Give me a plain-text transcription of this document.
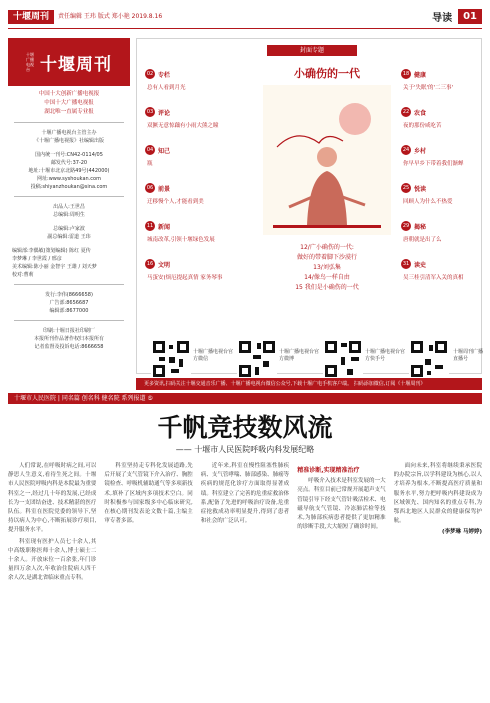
十堰周刊	责任编辑 王玮 版式 郑小艳 2019.8.16	导读	01
十堰广播电视台 十堰周刊
中国十大创新广播电视报
中国十大广播电视报
湖北唯一直属专业报
十堰广播电视台主管主办
《十堰广播电视报》社编辑出版
国内统一刊号:CN42-0114/05
邮发代号:37-20
地址:十堰市北京北路49号(442000)
网址:www.syshoukan.com
投稿:shiyanzhoukan@sina.com
出品人:王世昌
总编辑:周明生
总编辑:卢家波
副总编辑:雷道 王玮
编辑部:李偶敏(策划编辑) 陈红 夏传
李梦琳 / 李世霞 / 邢彦
美术编辑:陈小丽 金智宇 王雄 / 刘天梦
校对:曹莉
发行:李伟(8666658)
广告部:8656687
编辑部:8677000
印刷:十堰日报社印刷厂
本报所刊作品著作权归本报所有
记者监督及投诉电话:8666658
封面专题
02 专栏
总有人看到月光
03 评论
双獗无意惊藕有小雨大熊之瞳
04 知己
瓶
06 前景
迁移慢个人,才能看到美
11 新闻
城南改革,引领十堰绿色发展
16 文明
马蛋安(烦厄提起真情 家务琴事
小确伤的一代
12/广小确伤的一代:
做好的带着脚下沙漠行
13/刘弘集
14/像鸟一样自由
15 我们是小确伤的一代
18 健康
关于'失眠'的'二三事'
22 农食
夜的那份咸吃苦
24 乡村
你早早乡下带着我们渐蝉
25 悦读
回顾人为什么不热爱
29 揭秘
唐朝就是出了么
31 读史
吴三桂引清军入关的真相
十堰广播电视台官方微信
十堰广播电视台官方微博
十堰广播电视台官方快手号
十堰周刊广播直播号
更多资讯,扫码关注十堰交通音乐广播、十堰广播电视台微信公众号,下载十堰广电手机客户端。 扫码添加微信,订阅《十堰周刊》
十堰市人民医院 | 同名篇 创名科 健名院 系列报道 ⑤
千帆竞技数风流
—— 十堰市人民医院呼吸内科发展纪略

人们常说,在呼吸时病之间,可以静思人生意义,看待生死之间。十堰市人民医院呼吸内科是本院最为重要科室之一,经过几十年的发展,已经成长为一支团结奋进、技术精湛的医疗队伍。科室在医院党委的领导下,坚持以病人为中心,不断拓展诊疗项目,提升服务水平。

科室现有医护人员七十余人,其中高级职称医师十余人,博士硕士二十余人。开放床位一百余张,年门诊量四万余人次,年收治住院病人四千余人次,是湖北省临床重点专科。

科室坚持走专科化发展道路,先后开展了支气管镜下介入治疗、胸腔镜检查、呼吸机辅助通气等多项新技术,填补了区域内多项技术空白。同时积极参与国家级多中心临床研究,在核心期刊发表论文数十篇,主编主审专著多部。

近年来,科室在慢性阻塞性肺疾病、支气管哮喘、肺部感染、肺癌等疾病的规范化诊疗方面取得显著成绩。科室建立了完善的危重症救治体系,配备了先进的呼吸治疗设备,危重症抢救成功率明显提升,得到了患者和社会的广泛认可。

精准诊断,实现精准治疗

呼吸介入技术是科室发展的一大亮点。科室目前已常规开展超声支气管镜引导下经支气管针吸活检术、电磁导航支气管镜、冷冻肺活检等技术,为肺部疾病患者提供了更加精准的诊断手段,大大缩短了确诊时间。

面向未来,科室将继续秉承医院的办院宗旨,以学科建设为核心,以人才培养为根本,不断提高医疗质量和服务水平,努力把呼吸内科建设成为区域领先、国内知名的重点专科,为鄂西北地区人民群众的健康保驾护航。

(李梦琳 马婷婷)
